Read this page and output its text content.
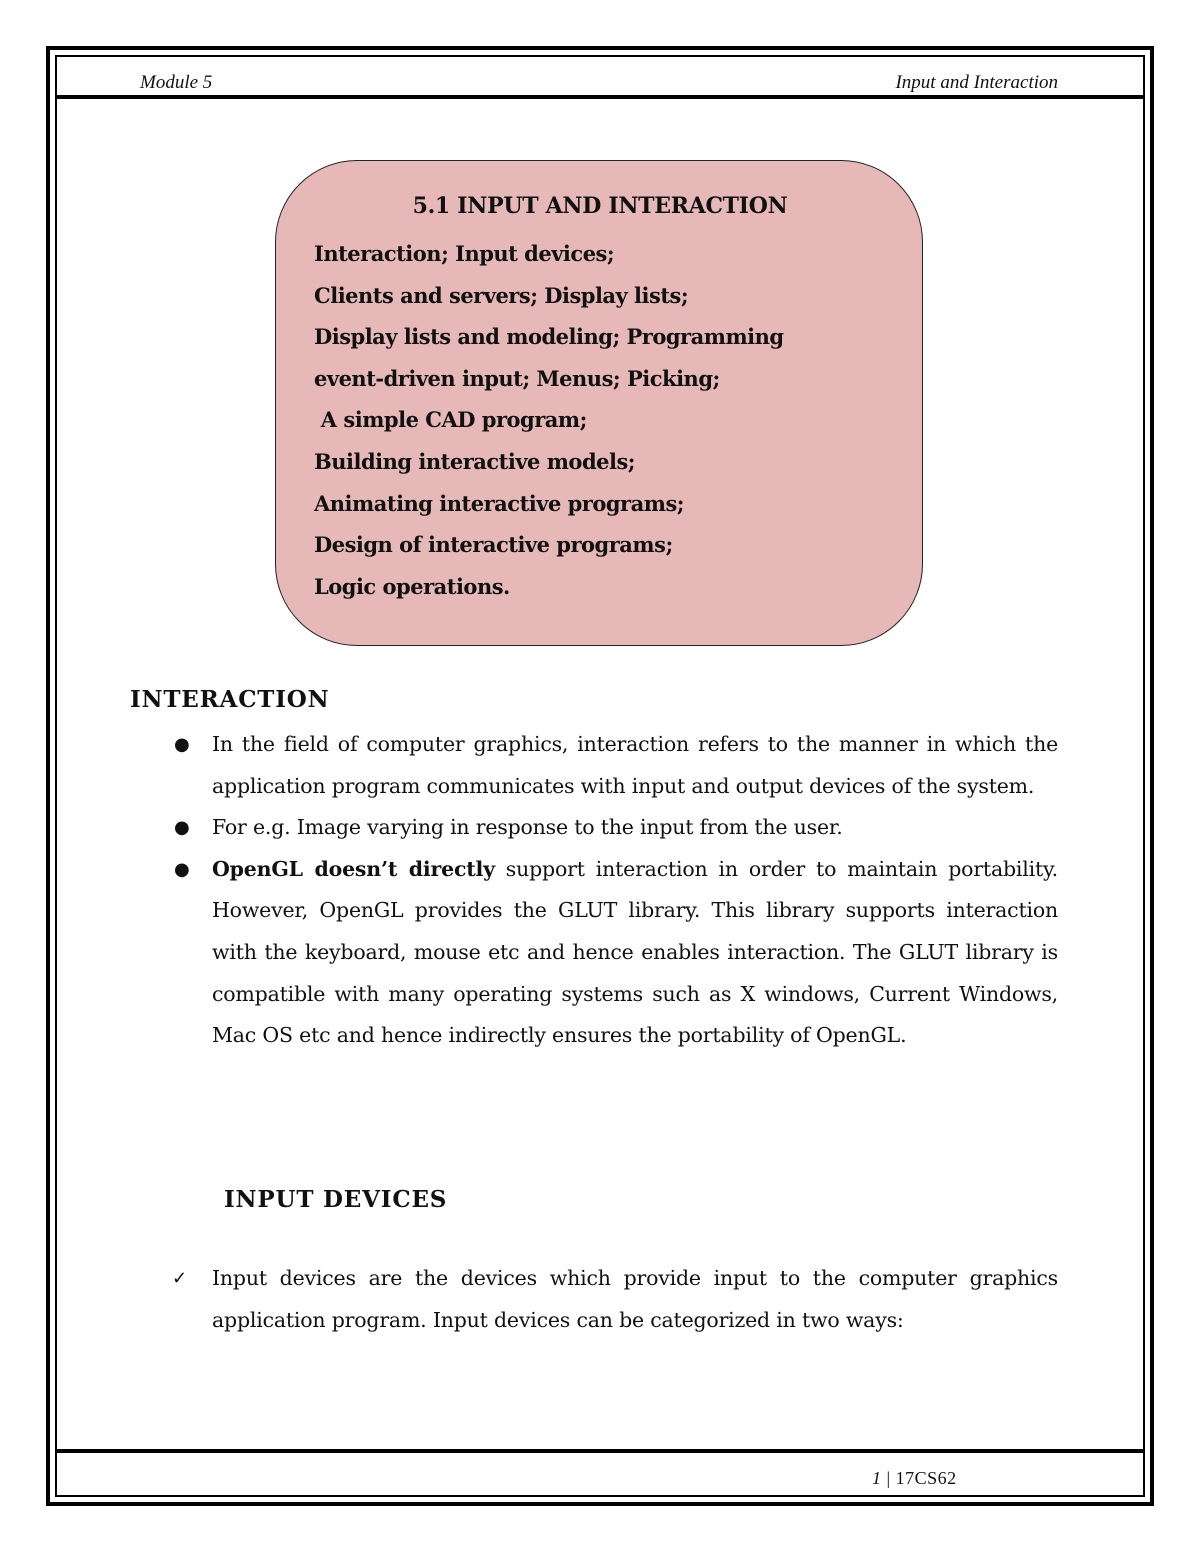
Module 5	Input and Interaction
5.1 INPUT AND INTERACTION
Interaction; Input devices;
Clients and servers; Display lists;
Display lists and modeling; Programming
event-driven input; Menus; Picking;
A simple CAD program;
Building interactive models;
Animating interactive programs;
Design of interactive programs;
Logic operations.
INTERACTION
● In the field of computer graphics, interaction refers to the manner in which the application program communicates with input and output devices of the system.
● For e.g. Image varying in response to the input from the user.
● OpenGL doesn’t directly support interaction in order to maintain portability. However, OpenGL provides the GLUT library. This library supports interaction with the keyboard, mouse etc and hence enables interaction. The GLUT library is compatible with many operating systems such as X windows, Current Windows, Mac OS etc and hence indirectly ensures the portability of OpenGL.
INPUT DEVICES
✓ Input devices are the devices which provide input to the computer graphics application program. Input devices can be categorized in two ways:
1 | 17CS62
